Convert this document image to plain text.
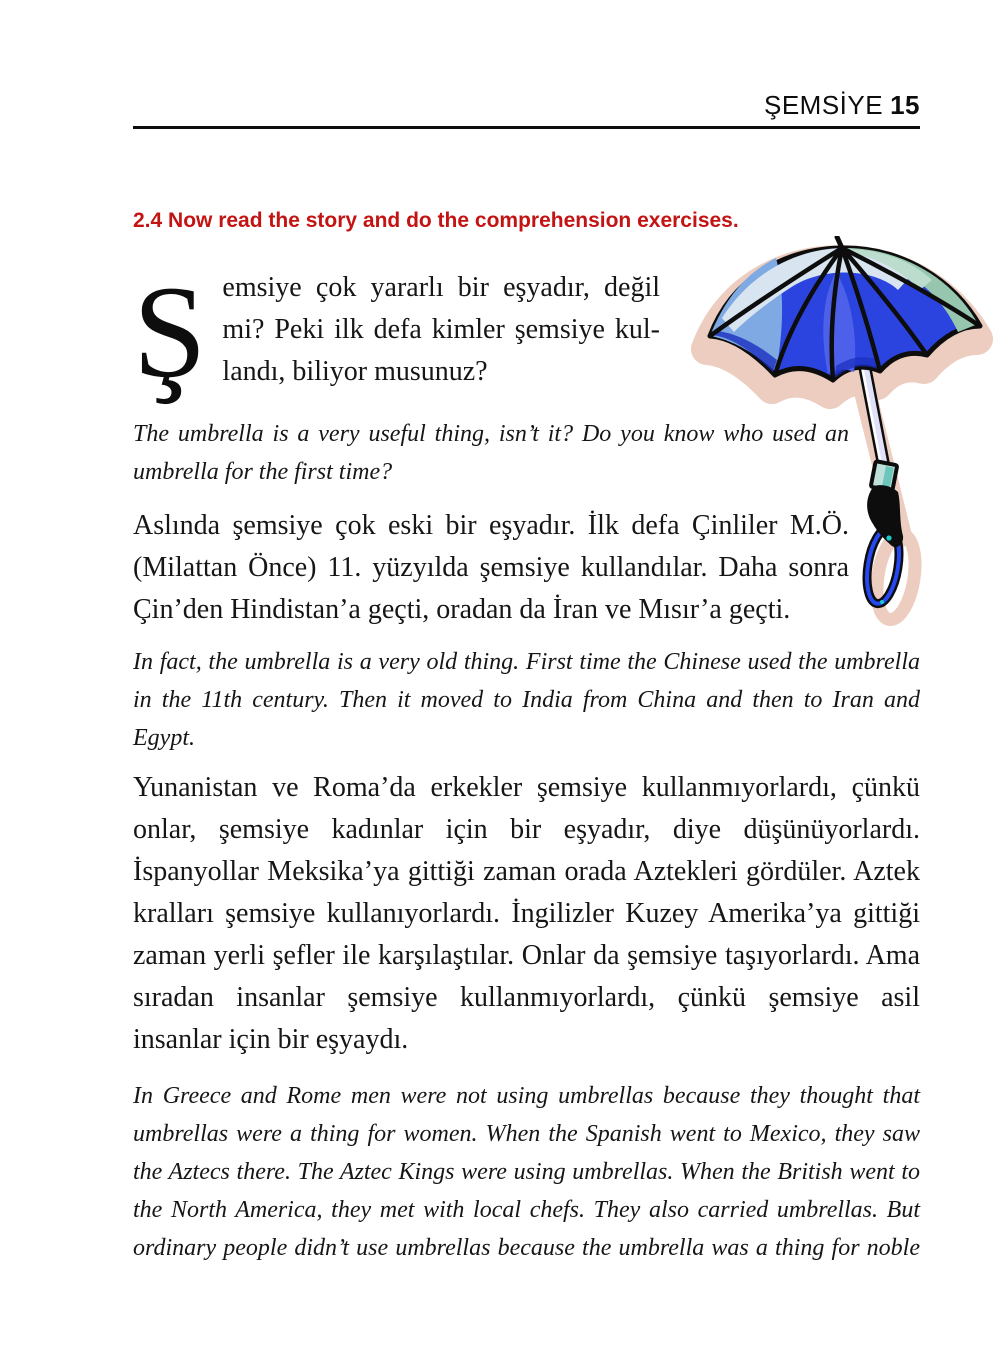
ŞEMSİYE 15
2.4 Now read the story and do the comprehension exercises.

Şemsiye çok yararlı bir eşyadır, değil mi? Peki ilk defa kimler şemsiye kullandı, biliyor musunuz?

The umbrella is a very useful thing, isn’t it? Do you know who used an umbrella for the first time?

Aslında şemsiye çok eski bir eşyadır. İlk defa Çinliler M.Ö. (Milattan Önce) 11. yüzyılda şemsiye kullandılar. Daha sonra Çin’den Hindistan’a geçti, oradan da İran ve Mısır’a geçti.

In fact, the umbrella is a very old thing. First time the Chinese used the umbrella in the 11th century. Then it moved to India from China and then to Iran and Egypt.

Yunanistan ve Roma’da erkekler şemsiye kullanmıyorlardı, çünkü onlar, şemsiye kadınlar için bir eşyadır, diye düşünüyorlardı. İspanyollar Meksika’ya gittiği zaman orada Aztekleri gördüler. Aztek kralları şemsiye kullanıyorlardı. İngilizler Kuzey Amerika’ya gittiği zaman yerli şefler ile karşılaştılar. Onlar da şemsiye taşıyorlardı. Ama sıradan insanlar şemsiye kullanmıyorlardı, çünkü şemsiye asil insanlar için bir eşyaydı.

In Greece and Rome men were not using umbrellas because they thought that umbrellas were a thing for women. When the Spanish went to Mexico, they saw the Aztecs there. The Aztec Kings were using umbrellas. When the British went to the North America, they met with local chefs. They also carried umbrellas. But ordinary people didn’t use umbrellas because the umbrella was a thing for noble
